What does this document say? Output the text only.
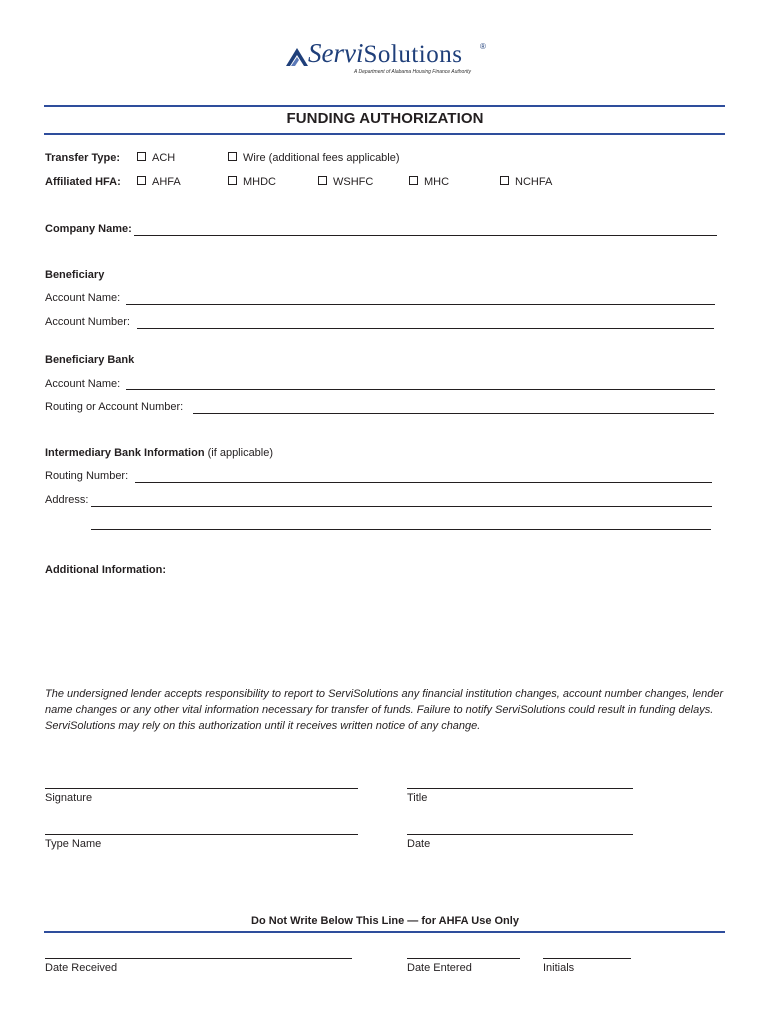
ServiSolutions ®
A Department of Alabama Housing Finance Authority
FUNDING AUTHORIZATION
Transfer Type:	ACH	Wire (additional fees applicable)
Affiliated HFA:	AHFA	MHDC	WSHFC	MHC	NCHFA
Company Name:
Beneficiary
Account Name:
Account Number:
Beneficiary Bank
Account Name:
Routing or Account Number:
Intermediary Bank Information (if applicable)
Routing Number:
Address:
Additional Information:
The undersigned lender accepts responsibility to report to ServiSolutions any financial institution changes, account number changes, lender name changes or any other vital information necessary for transfer of funds. Failure to notify ServiSolutions could result in funding delays. ServiSolutions may rely on this authorization until it receives written notice of any change.
Signature	Title
Type Name	Date
Do Not Write Below This Line — for AHFA Use Only
Date Received	Date Entered	Initials
